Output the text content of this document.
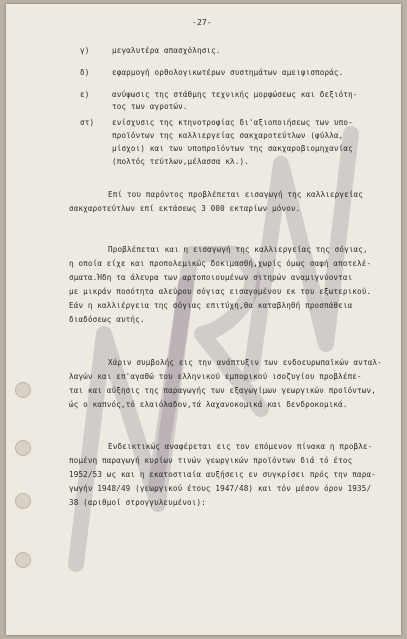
-27-
γ)	μεγαλυτέρα απασχόλησις.
δ)	εφαρμογή ορθολογικωτέρων συστημάτων αμειψισποράς.
ε)	ανύψωσις της στάθμης τεχνικής μορφώσεως και δεξιότη-
τος των αγροτών.
στ) ενίσχυσις της κτηνοτροφίας δι'αξιοποιήσεως των υπο-
προϊόντων της καλλιεργείας σακχαροτεύτλων (φύλλα,
μίσχοι) και των υποπροϊόντων της σακχαροβιομηχανίας
(πολτός τεύτλων,μέλασσα κλ.).
Επί του παρόντος προβλέπεται εισαγωγή της καλλιεργείας
σακχαροτεύτλων επί εκτάσεως 3 000 εκταρίων μόνον.
Προβλέπεται και η εισαγωγή της καλλιεργείας της σόγιας,
η οποία είχε και προπολεμικώς δοκιμασθή,χωρίς όμως σαφή αποτελέ-
σματα.Ήδη τα άλευρα των αρτοποιουμένων σιτηρών αναμιγνύονται
με μικράν ποσότητα αλεύρου σόγιας εισαγομένου εκ του εξωτερικού.
Εάν η καλλιέργεια της σόγιας επιτύχη,θα καταβληθή προσπάθεια
διαδόσεως αυτής.
Χάριν συμβολής εις την ανάπτυξιν των ενδοευρωπαϊκών ανταλ-
λαγών και επ'αγαθώ του ελληνικού εμπορικού ισοζυγίου προβλέπε-
ται και αύξησις της παραγωγής των εξαγωγίμων γεωργικών προϊόντων,
ώς ο καπνός,τό ελαιόλαδον,τά λαχανοκομικά και δενδροκομικά.
Ενδεικτικώς αναφέρεται εις τον επόμενον πίνακα η προβλε-
πομένη παραγωγή κυρίων τινών γεωργικών προϊόντων διά τό έτος
1952/53 ως και η εκατοστιαία αυξήσεις εν συγκρίσει πρός την παρα-
γωγήν 1948/49 (γεωργικού έτους 1947/48) και τόν μέσον όρον 1935/
38 (αριθμοί στρογγυλευμένοι):
